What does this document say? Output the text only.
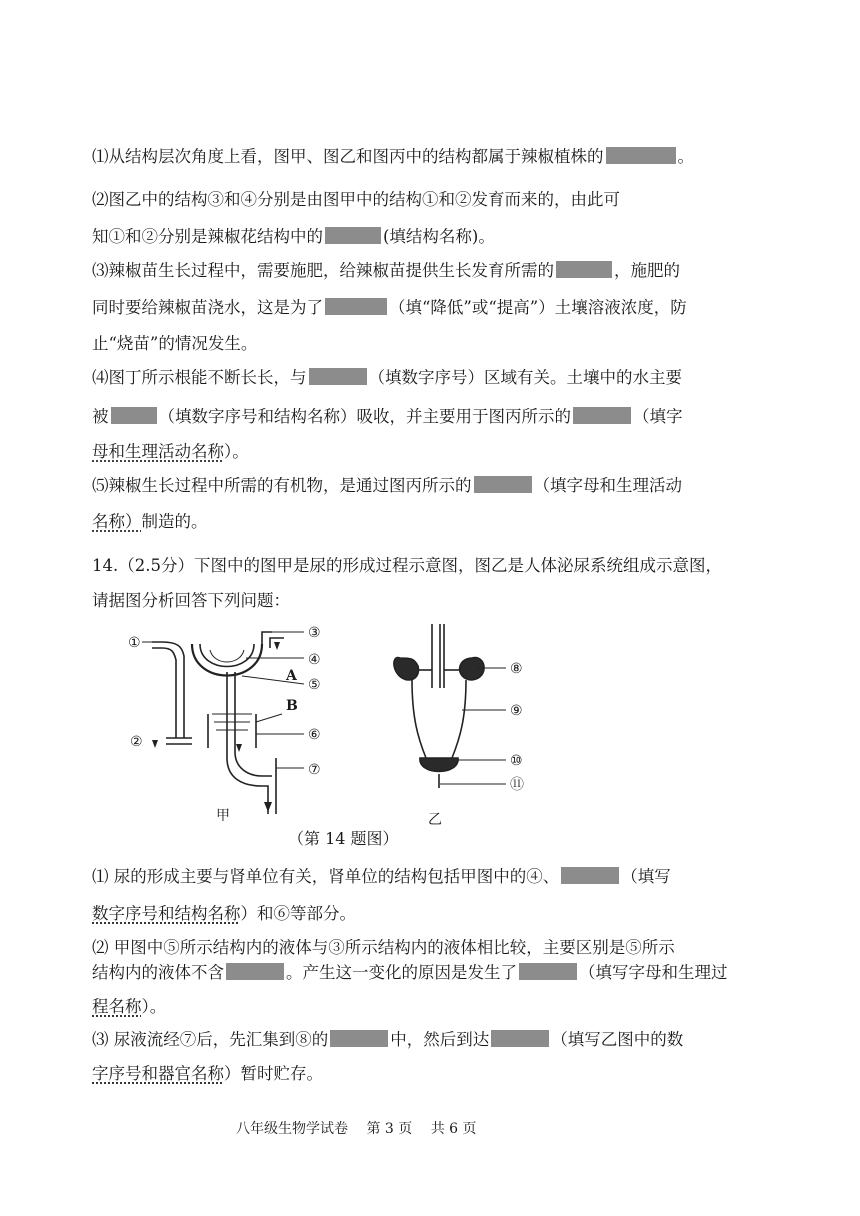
⑴从结构层次角度上看，图甲、图乙和图丙中的结构都属于辣椒植株的	。
⑵图乙中的结构③和④分别是由图甲中的结构①和②发育而来的，由此可
知①和②分别是辣椒花结构中的	(填结构名称)。
⑶辣椒苗生长过程中，需要施肥，给辣椒苗提供生长发育所需的	，施肥的
同时要给辣椒苗浇水，这是为了	（填“降低”或“提高”）土壤溶液浓度，防
止“烧苗”的情况发生。
⑷图丁所示根能不断长长，与	（填数字序号）区域有关。土壤中的水主要
被	（填数字序号和结构名称）吸收，并主要用于图丙所示的	（填字
母和生理活动名称）。
⑸辣椒生长过程中所需的有机物，是通过图丙所示的	（填字母和生理活动
名称）制造的。
14.（2.5分）下图中的图甲是尿的形成过程示意图，图乙是人体泌尿系统组成示意图，
请据图分析回答下列问题：
①
③
④
A
⑤
B
⑥
②
⑦
⑧
⑨
⑩
⑪
甲	乙
（第 14 题图）
⑴ 尿的形成主要与肾单位有关，肾单位的结构包括甲图中的④、	（填写
数字序号和结构名称）和⑥等部分。
⑵ 甲图中⑤所示结构内的液体与③所示结构内的液体相比较，主要区别是⑤所示
结构内的液体不含	。产生这一变化的原因是发生了	（填写字母和生理过
程名称）。
⑶ 尿液流经⑦后，先汇集到⑧的	中，然后到达	（填写乙图中的数
字序号和器官名称）暂时贮存。
八年级生物学试卷 第 3 页 共 6 页
